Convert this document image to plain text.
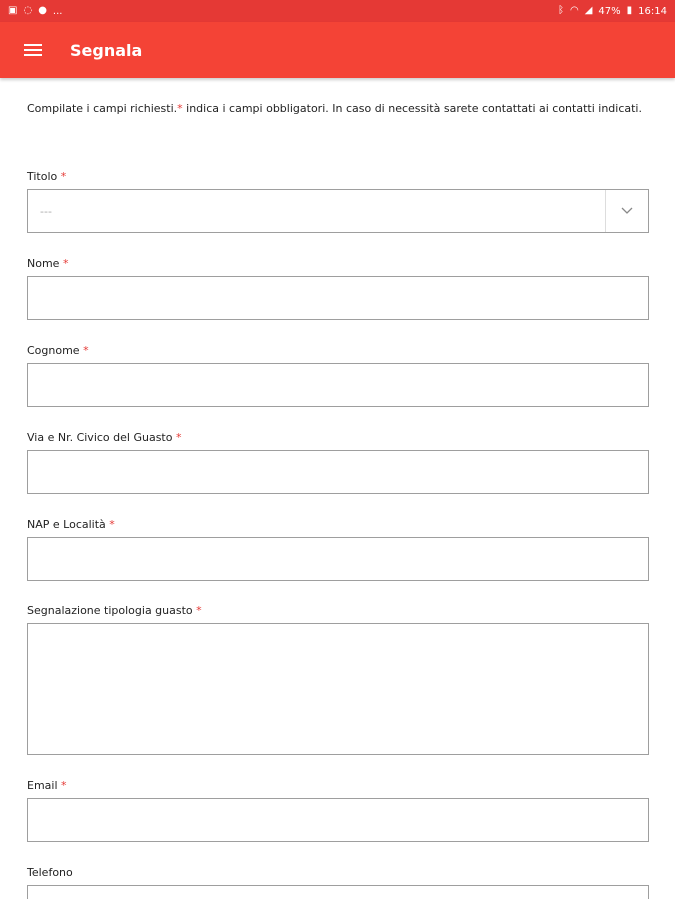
▣ ◌ ● ...	ᛒ ◠ ◢ 47% ▮ 16:14
Segnala

Compilate i campi richiesti.* indica i campi obbligatori. In caso di necessità sarete contattati ai contatti indicati.

Titolo *
---
Nome *
Cognome *
Via e Nr. Civico del Guasto *
NAP e Località *
Segnalazione tipologia guasto *
Email *
Telefono
